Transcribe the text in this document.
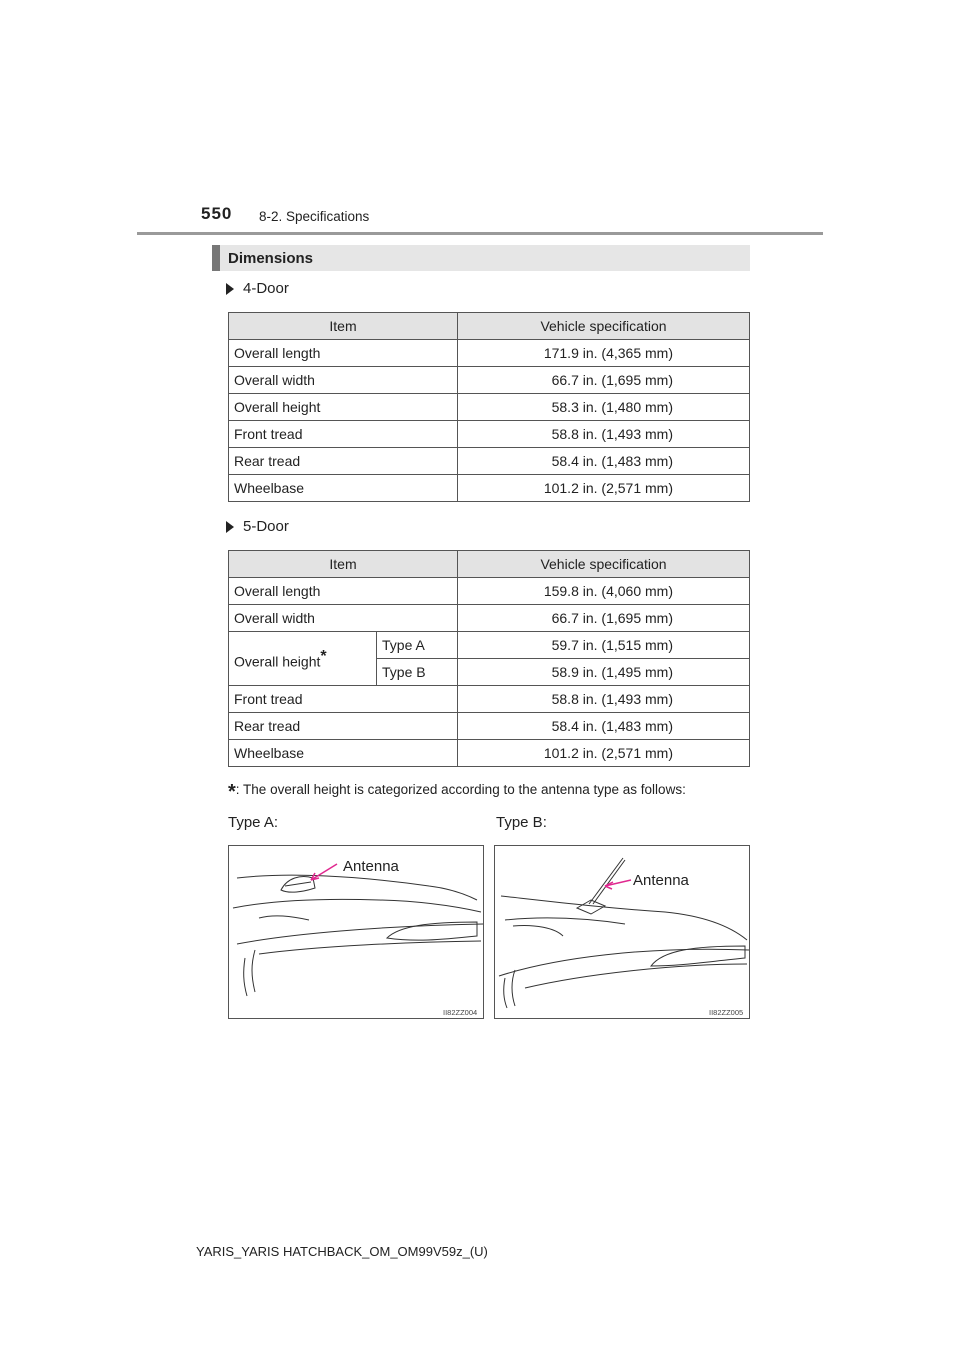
550 8-2. Specifications
Dimensions
4-Door
Item	Vehicle specification
Overall length	171.9 in. (4,365 mm)
Overall width	66.7 in. (1,695 mm)
Overall height	58.3 in. (1,480 mm)
Front tread	58.8 in. (1,493 mm)
Rear tread	58.4 in. (1,483 mm)
Wheelbase	101.2 in. (2,571 mm)
5-Door
Item		Vehicle specification
Overall length		159.8 in. (4,060 mm)
Overall width		66.7 in. (1,695 mm)
Overall height*	Type A	59.7 in. (1,515 mm)
	Type B	58.9 in. (1,495 mm)
Front tread		58.8 in. (1,493 mm)
Rear tread		58.4 in. (1,483 mm)
Wheelbase		101.2 in. (2,571 mm)
*: The overall height is categorized according to the antenna type as follows:
Type A:	Type B:
Antenna
II82ZZ004
Antenna
II82ZZ005
YARIS_YARIS HATCHBACK_OM_OM99V59z_(U)
